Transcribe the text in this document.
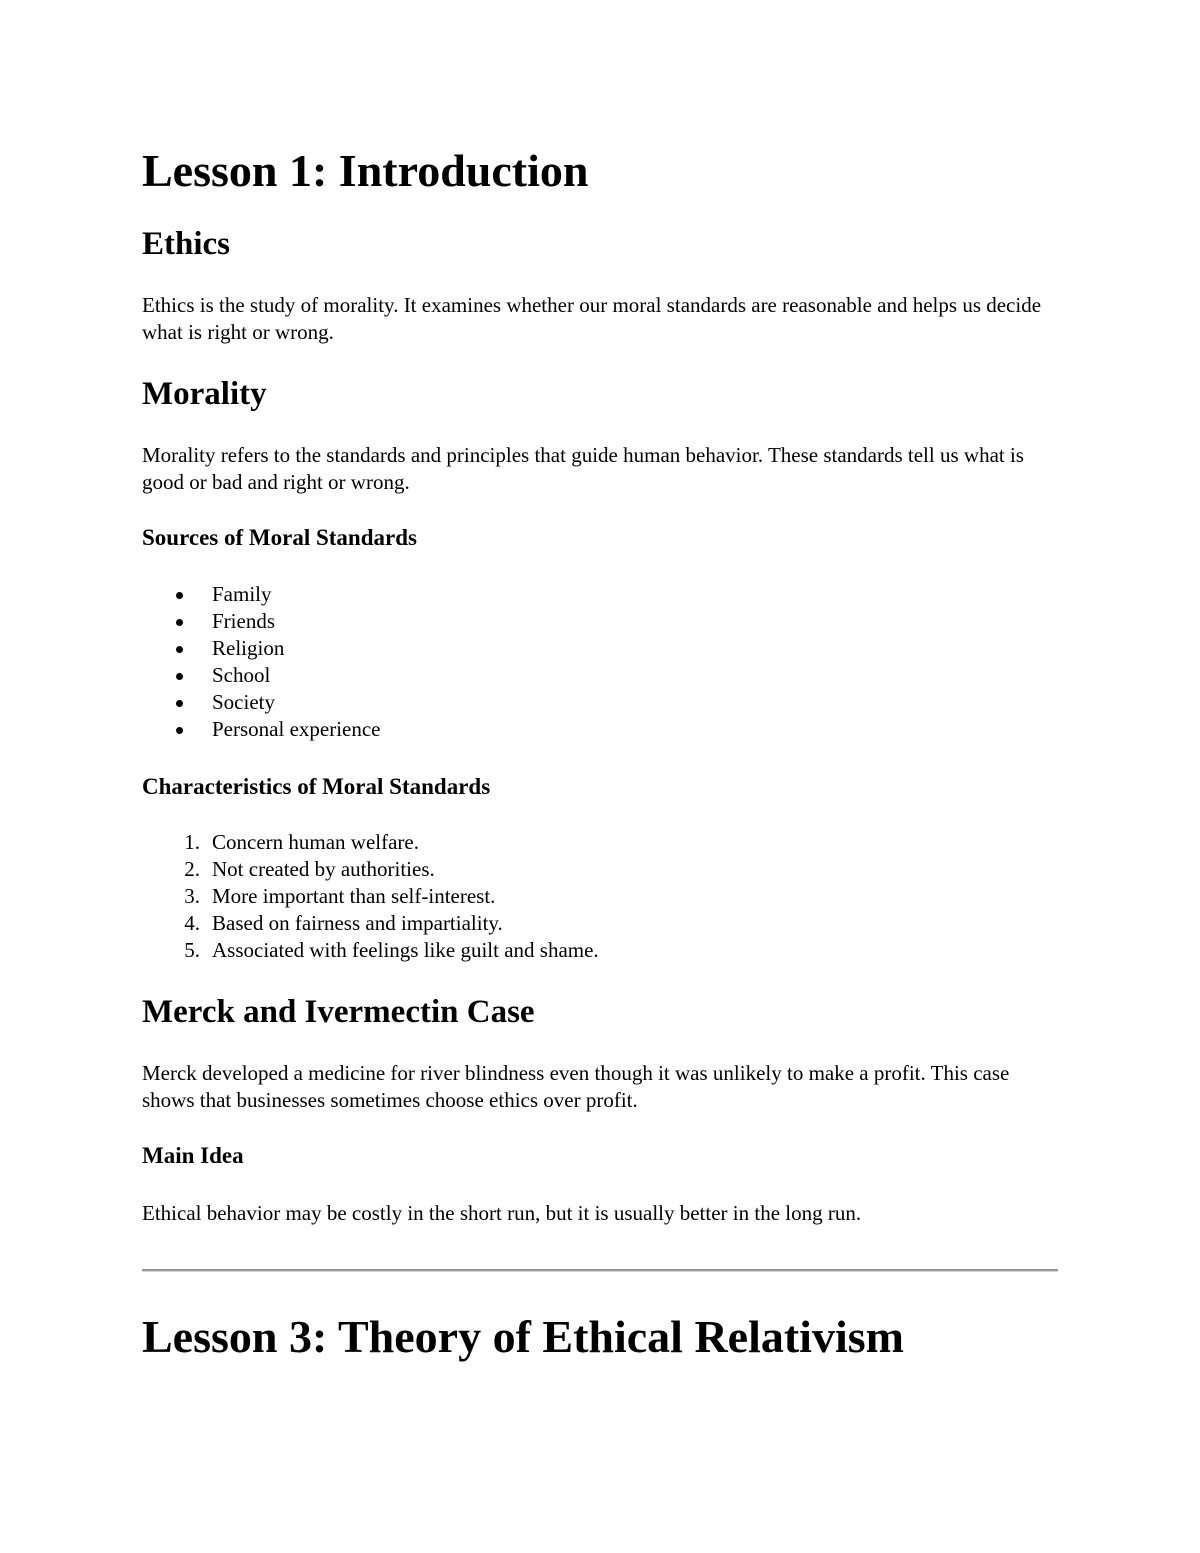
Lesson 1: Introduction
Ethics

Ethics is the study of morality. It examines whether our moral standards are reasonable and helps us decide what is right or wrong.

Morality

Morality refers to the standards and principles that guide human behavior. These standards tell us what is good or bad and right or wrong.

Sources of Moral Standards
Family
Friends
Religion
School
Society
Personal experience
Characteristics of Moral Standards
1. Concern human welfare.
2. Not created by authorities.
3. More important than self-interest.
4. Based on fairness and impartiality.
5. Associated with feelings like guilt and shame.
Merck and Ivermectin Case

Merck developed a medicine for river blindness even though it was unlikely to make a profit. This case shows that businesses sometimes choose ethics over profit.

Main Idea

Ethical behavior may be costly in the short run, but it is usually better in the long run.

Lesson 3: Theory of Ethical Relativism
